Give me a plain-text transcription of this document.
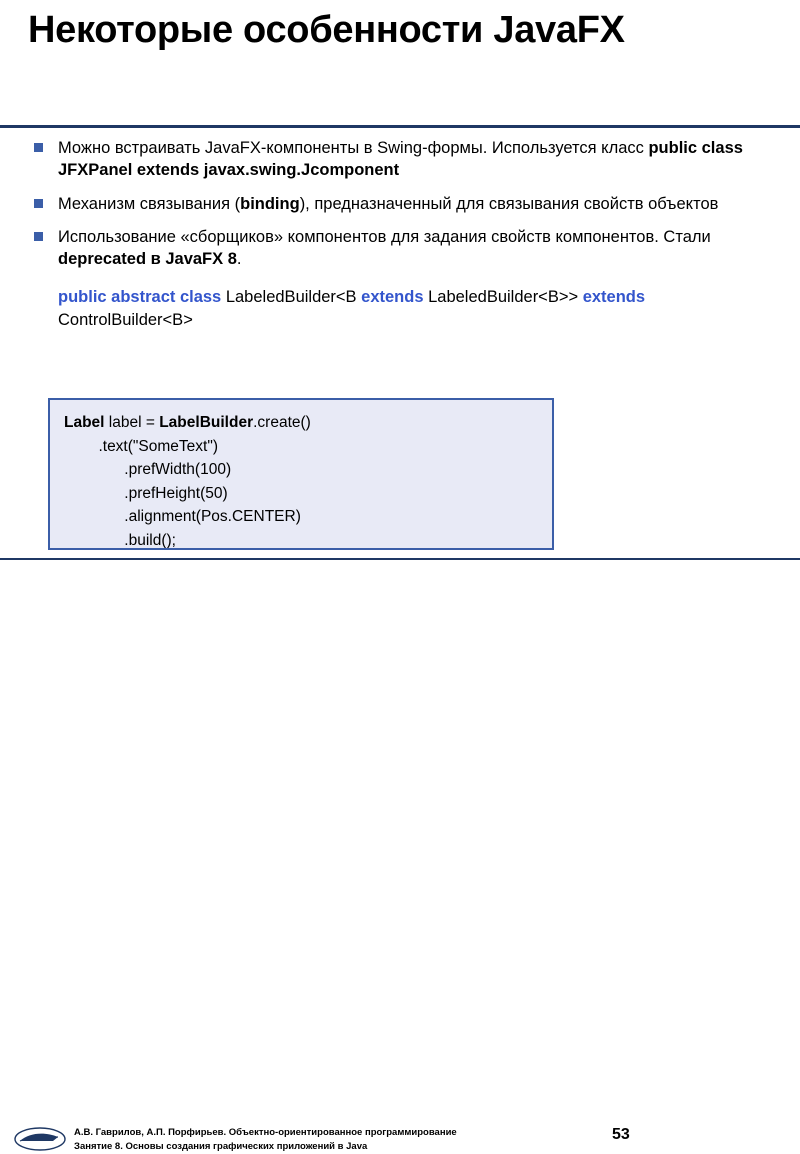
Некоторые особенности JavaFX
Можно встраивать JavaFX-компоненты в Swing-формы. Используется класс public class JFXPanel extends javax.swing.Jcomponent
Механизм связывания (binding), предназначенный для связывания свойств объектов
Использование «сборщиков» компонентов для задания свойств компонентов. Стали deprecated в JavaFX 8.
public abstract class LabeledBuilder<B extends LabeledBuilder<B>> extends
ControlBuilder<B>
Label label = LabelBuilder.create()
.text("SomeText")
.prefWidth(100)
.prefHeight(50)
.alignment(Pos.CENTER)
.build();
А.В. Гаврилов, А.П. Порфирьев. Объектно-ориентированное программирование
Занятие 8. Основы создания графических приложений в Java
53
